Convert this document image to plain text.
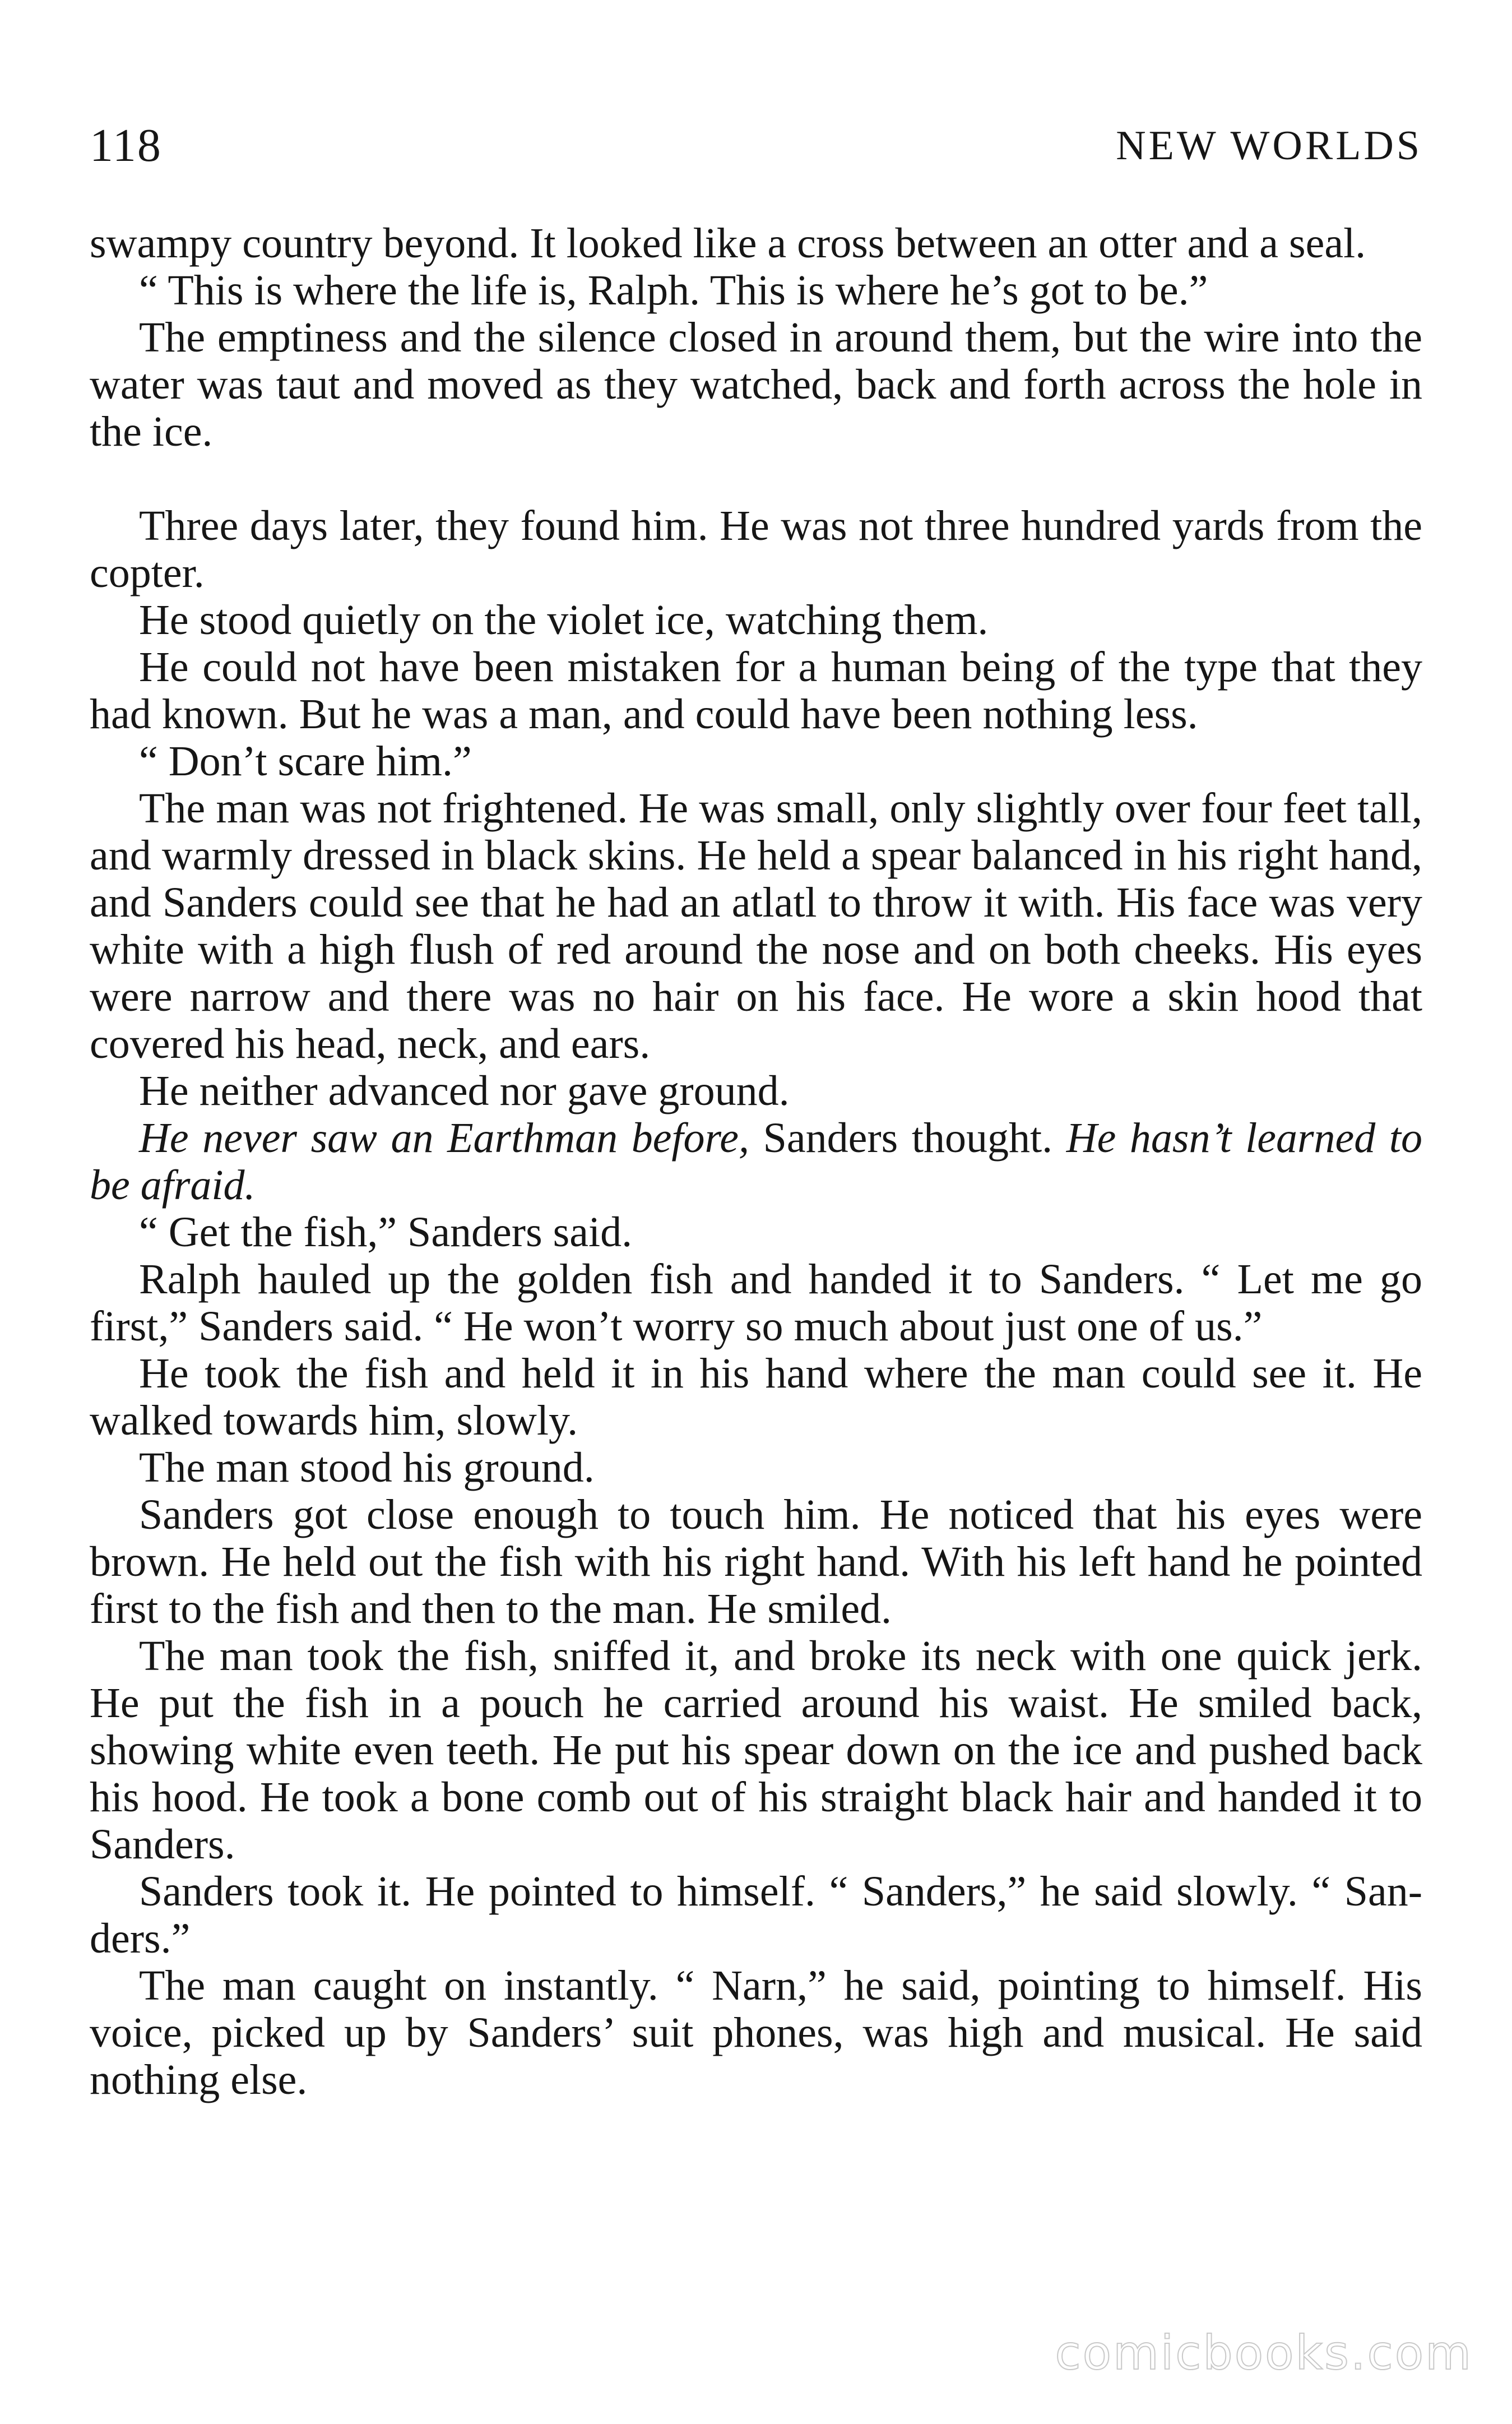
118	NEW WORLDS

swampy country beyond. It looked like a cross between an otter and a seal.

“ This is where the life is, Ralph. This is where he’s got to be.”

The emptiness and the silence closed in around them, but the wire into the water was taut and moved as they watched, back and forth across the hole in the ice.

Three days later, they found him. He was not three hundred yards from the copter.

He stood quietly on the violet ice, watching them.

He could not have been mistaken for a human being of the type that they had known. But he was a man, and could have been nothing less.

“ Don’t scare him.”

The man was not frightened. He was small, only slightly over four feet tall, and warmly dressed in black skins. He held a spear balanced in his right hand, and Sanders could see that he had an atlatl to throw it with. His face was very white with a high flush of red around the nose and on both cheeks. His eyes were narrow and there was no hair on his face. He wore a skin hood that covered his head, neck, and ears.

He neither advanced nor gave ground.

He never saw an Earthman before, Sanders thought. He hasn’t learned to be afraid.

“ Get the fish,” Sanders said.

Ralph hauled up the golden fish and handed it to Sanders. “ Let me go first,” Sanders said. “ He won’t worry so much about just one of us.”

He took the fish and held it in his hand where the man could see it. He walked towards him, slowly.

The man stood his ground.

Sanders got close enough to touch him. He noticed that his eyes were brown. He held out the fish with his right hand. With his left hand he pointed first to the fish and then to the man. He smiled.

The man took the fish, sniffed it, and broke its neck with one quick jerk. He put the fish in a pouch he carried around his waist. He smiled back, showing white even teeth. He put his spear down on the ice and pushed back his hood. He took a bone comb out of his straight black hair and handed it to Sanders.

Sanders took it. He pointed to himself. “ Sanders,” he said slowly. “ San-ders.”

The man caught on instantly. “ Narn,” he said, pointing to himself. His voice, picked up by Sanders’ suit phones, was high and musical. He said nothing else.

comicbooks.com
